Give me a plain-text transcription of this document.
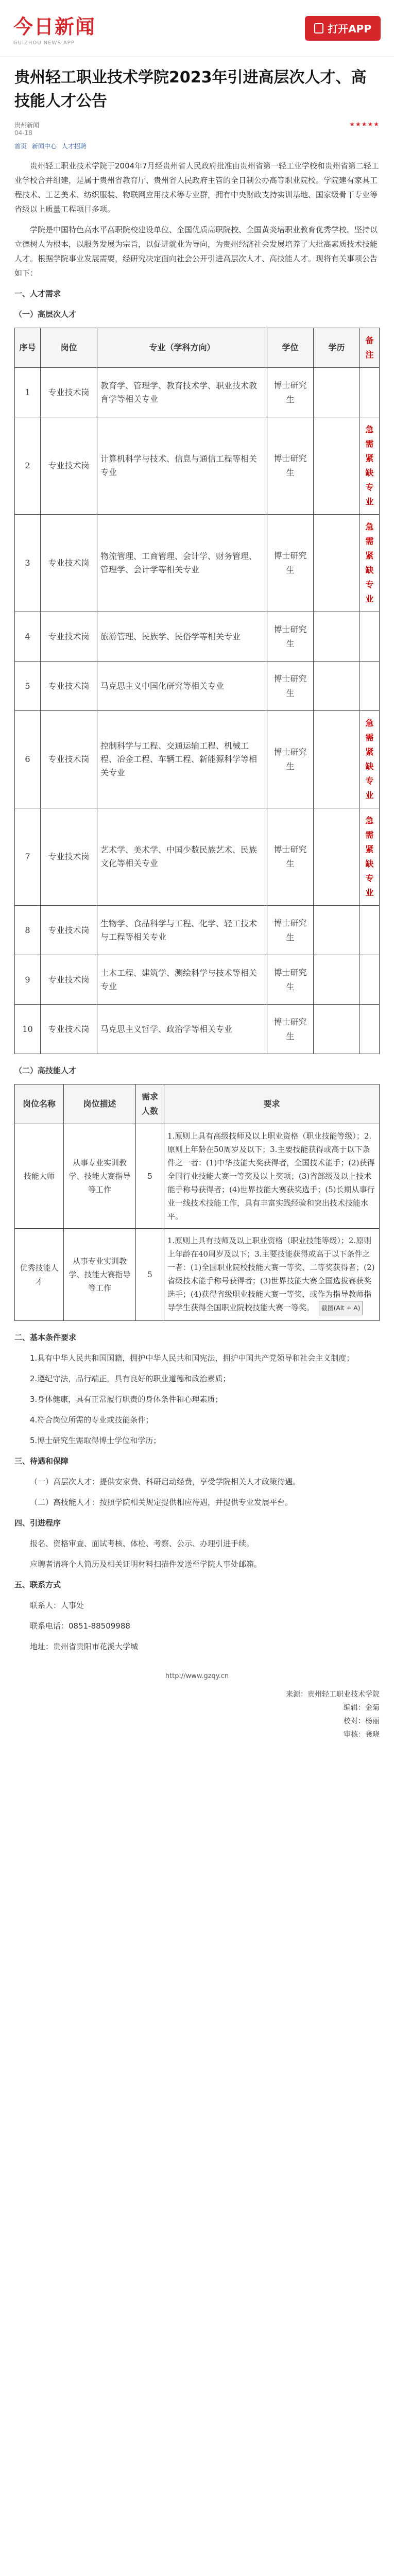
今日新闻
GUIZHOU NEWS APP
打开APP
贵州轻工职业技术学院2023年引进高层次人才、高技能人才公告
贵州新闻
04-18
★★★★★
首页 新闻中心 人才招聘

贵州轻工职业技术学院于2004年7月经贵州省人民政府批准由贵州省第一轻工业学校和贵州省第二轻工业学校合并组建，是属于贵州省教育厅、贵州省人民政府主管的全日制公办高等职业院校。学院建有家具工程技术、工艺美术、纺织服装、物联网应用技术等专业群，拥有中央财政支持实训基地、国家级骨干专业等省级以上质量工程项目多项。

学院是中国特色高水平高职院校建设单位、全国优质高职院校、全国黄炎培职业教育优秀学校。坚持以立德树人为根本，以服务发展为宗旨，以促进就业为导向，为贵州经济社会发展培养了大批高素质技术技能人才。根据学院事业发展需要，经研究决定面向社会公开引进高层次人才、高技能人才。现将有关事项公告如下：

一、人才需求

（一）高层次人才

序号	岗位	专业（学科方向）	学位	学历	备注
1	专业技术岗	教育学、管理学、教育技术学、职业技术教育学等相关专业	博士研究生		
2	专业技术岗	计算机科学与技术、信息与通信工程等相关专业	博士研究生		急需紧缺专业
3	专业技术岗	物流管理、工商管理、会计学、财务管理、管理学、会计学等相关专业	博士研究生		急需紧缺专业
4	专业技术岗	旅游管理、民族学、民俗学等相关专业	博士研究生		
5	专业技术岗	马克思主义中国化研究等相关专业	博士研究生		
6	专业技术岗	控制科学与工程、交通运输工程、机械工程、冶金工程、车辆工程、新能源科学等相关专业	博士研究生		急需紧缺专业
7	专业技术岗	艺术学、美术学、中国少数民族艺术、民族文化等相关专业	博士研究生		急需紧缺专业
8	专业技术岗	生物学、食品科学与工程、化学、轻工技术与工程等相关专业	博士研究生		
9	专业技术岗	土木工程、建筑学、测绘科学与技术等相关专业	博士研究生		
10	专业技术岗	马克思主义哲学、政治学等相关专业	博士研究生		

（二）高技能人才

岗位名称	岗位描述	需求人数	要求
技能大师	从事专业实训教学、技能大赛指导等工作	5	1.原则上具有高级技师及以上职业资格（职业技能等级）；2.原则上年龄在50周岁及以下；3.主要技能获得或高于以下条件之一者：(1)中华技能大奖获得者，全国技术能手；(2)获得全国行业技能大赛一等奖及以上奖项；(3)省部级及以上技术能手称号获得者；(4)世界技能大赛获奖选手；(5)长期从事行业一线技术技能工作，具有丰富实践经验和突出技术技能水平。
优秀技能人才	从事专业实训教学、技能大赛指导等工作	5	1.原则上具有技师及以上职业资格（职业技能等级）；2.原则上年龄在40周岁及以下；3.主要技能获得或高于以下条件之一者：(1)全国职业院校技能大赛一等奖、二等奖获得者；(2)省级技术能手称号获得者；(3)世界技能大赛全国选拔赛获奖选手；(4)获得省级职业技能大赛一等奖，或作为指导教师指导学生获得全国职业院校技能大赛一等奖。 截图(Alt + A)

二、基本条件要求

1.具有中华人民共和国国籍，拥护中华人民共和国宪法，拥护中国共产党领导和社会主义制度；

2.遵纪守法，品行端正，具有良好的职业道德和政治素质；

3.身体健康，具有正常履行职责的身体条件和心理素质；

4.符合岗位所需的专业或技能条件；

5.博士研究生需取得博士学位和学历；

三、待遇和保障

（一）高层次人才：提供安家费、科研启动经费，享受学院相关人才政策待遇。

（二）高技能人才：按照学院相关规定提供相应待遇，并提供专业发展平台。

四、引进程序

报名、资格审查、面试考核、体检、考察、公示、办理引进手续。

应聘者请将个人简历及相关证明材料扫描件发送至学院人事处邮箱。

五、联系方式

联系人：人事处

联系电话：0851-88509988

地址：贵州省贵阳市花溪大学城

http://www.gzqy.cn
来源：贵州轻工职业技术学院
编辑：金菊
校对：杨丽
审核：龚晓
